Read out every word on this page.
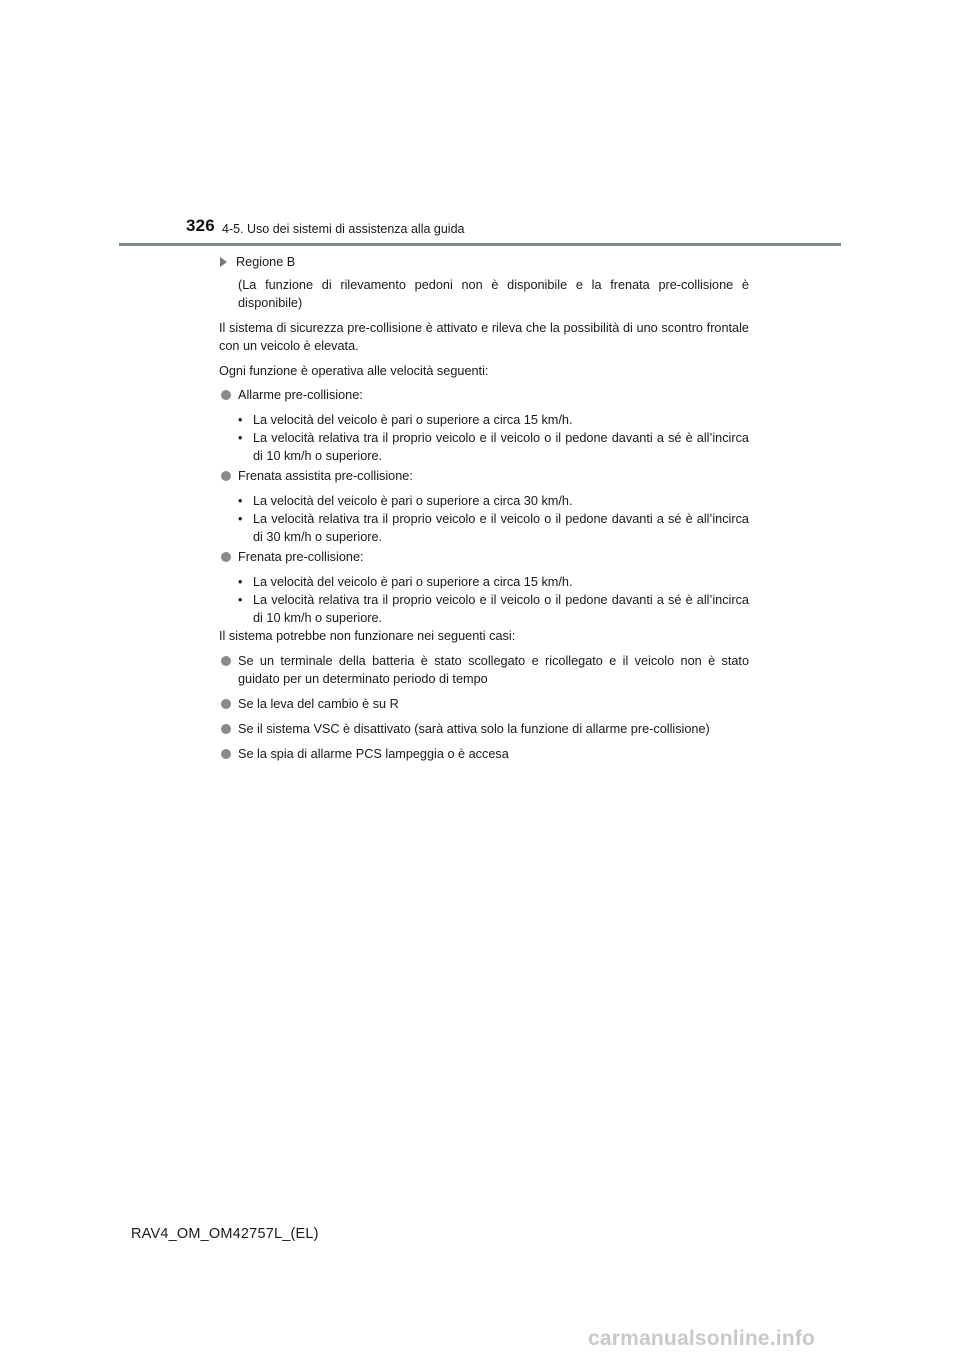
326 4-5. Uso dei sistemi di assistenza alla guida
Regione B

(La funzione di rilevamento pedoni non è disponibile e la frenata pre-collisione è disponibile)

Il sistema di sicurezza pre-collisione è attivato e rileva che la possibilità di uno scontro frontale con un veicolo è elevata.

Ogni funzione è operativa alle velocità seguenti:

Allarme pre-collisione:
• La velocità del veicolo è pari o superiore a circa 15 km/h.
• La velocità relativa tra il proprio veicolo e il veicolo o il pedone davanti a sé è all’incirca di 10 km/h o superiore.
Frenata assistita pre-collisione:
• La velocità del veicolo è pari o superiore a circa 30 km/h.
• La velocità relativa tra il proprio veicolo e il veicolo o il pedone davanti a sé è all’incirca di 30 km/h o superiore.
Frenata pre-collisione:
• La velocità del veicolo è pari o superiore a circa 15 km/h.
• La velocità relativa tra il proprio veicolo e il veicolo o il pedone davanti a sé è all’incirca di 10 km/h o superiore.

Il sistema potrebbe non funzionare nei seguenti casi:

Se un terminale della batteria è stato scollegato e ricollegato e il veicolo non è stato guidato per un determinato periodo di tempo
Se la leva del cambio è su R
Se il sistema VSC è disattivato (sarà attiva solo la funzione di allarme pre-collisione)
Se la spia di allarme PCS lampeggia o è accesa
RAV4_OM_OM42757L_(EL)
carmanualsonline.info
